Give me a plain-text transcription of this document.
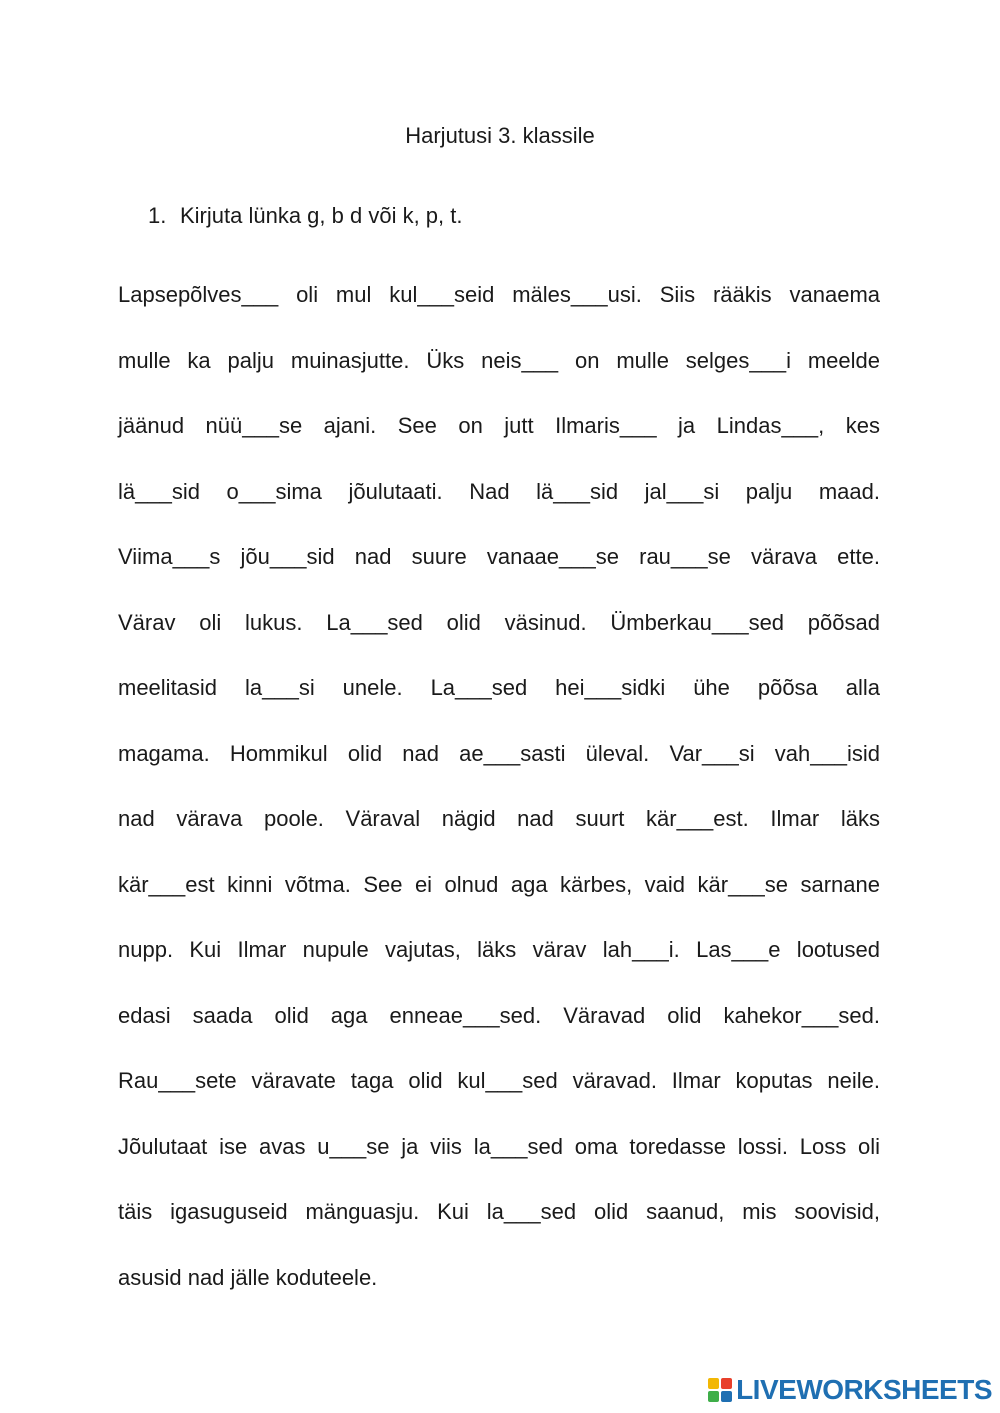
Harjutusi 3. klassile
1. Kirjuta lünka g, b d või k, p, t.
Lapsepõlves___ oli mul kul___seid mäles___usi. Siis rääkis vanaema
mulle ka palju muinasjutte. Üks neis___ on mulle selges___i meelde
jäänud nüü___se ajani. See on jutt Ilmaris___ ja Lindas___, kes
lä___sid o___sima jõulutaati. Nad lä___sid jal___si palju maad.
Viima___s jõu___sid nad suure vanaae___se rau___se värava ette.
Värav oli lukus. La___sed olid väsinud. Ümberkau___sed põõsad
meelitasid la___si unele. La___sed hei___sidki ühe põõsa alla
magama. Hommikul olid nad ae___sasti üleval. Var___si vah___isid
nad värava poole. Väraval nägid nad suurt kär___est. Ilmar läks
kär___est kinni võtma. See ei olnud aga kärbes, vaid kär___se sarnane
nupp. Kui Ilmar nupule vajutas, läks värav lah___i. Las___e lootused
edasi saada olid aga enneae___sed. Väravad olid kahekor___sed.
Rau___sete väravate taga olid kul___sed väravad. Ilmar koputas neile.
Jõulutaat ise avas u___se ja viis la___sed oma toredasse lossi. Loss oli
täis igasuguseid mänguasju. Kui la___sed olid saanud, mis soovisid,
asusid nad jälle koduteele.
LIVEWORKSHEETS
